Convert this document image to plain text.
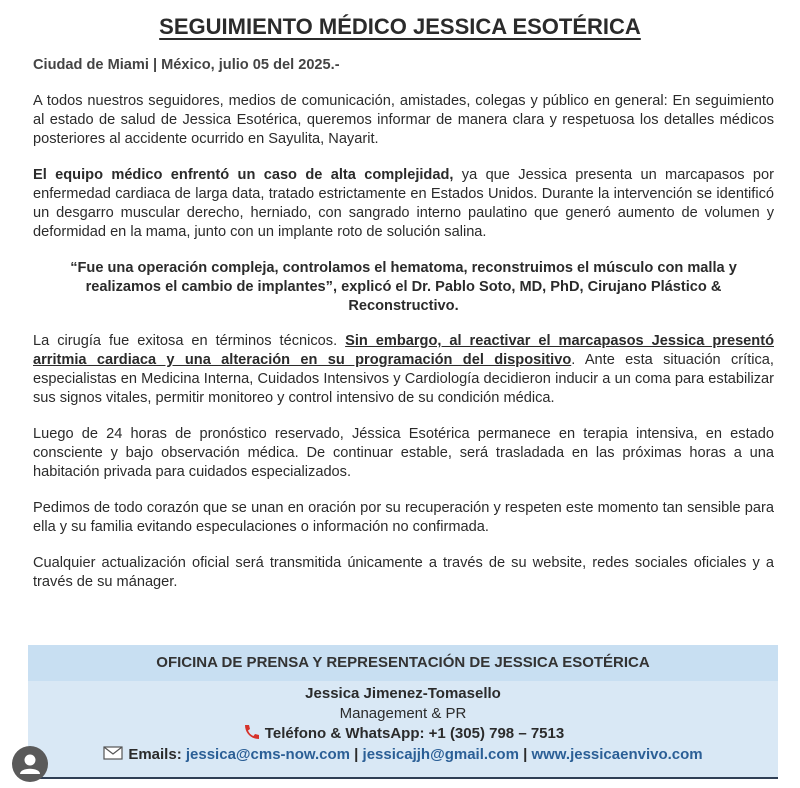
SEGUIMIENTO MÉDICO JESSICA ESOTÉRICA

Ciudad de Miami | México, julio 05 del 2025.-

A todos nuestros seguidores, medios de comunicación, amistades, colegas y público en general: En seguimiento al estado de salud de Jessica Esotérica, queremos informar de manera clara y respetuosa los detalles médicos posteriores al accidente ocurrido en Sayulita, Nayarit.

El equipo médico enfrentó un caso de alta complejidad, ya que Jessica presenta un marcapasos por enfermedad cardiaca de larga data, tratado estrictamente en Estados Unidos. Durante la intervención se identificó un desgarro muscular derecho, herniado, con sangrado interno paulatino que generó aumento de volumen y deformidad en la mama, junto con un implante roto de solución salina.

“Fue una operación compleja, controlamos el hematoma, reconstruimos el músculo con malla y realizamos el cambio de implantes”, explicó el Dr. Pablo Soto, MD, PhD, Cirujano Plástico & Reconstructivo.

La cirugía fue exitosa en términos técnicos. Sin embargo, al reactivar el marcapasos Jessica presentó arritmia cardiaca y una alteración en su programación del dispositivo. Ante esta situación crítica, especialistas en Medicina Interna, Cuidados Intensivos y Cardiología decidieron inducir a un coma para estabilizar sus signos vitales, permitir monitoreo y control intensivo de su condición médica.

Luego de 24 horas de pronóstico reservado, Jéssica Esotérica permanece en terapia intensiva, en estado consciente y bajo observación médica. De continuar estable, será trasladada en las próximas horas a una habitación privada para cuidados especializados.

Pedimos de todo corazón que se unan en oración por su recuperación y respeten este momento tan sensible para ella y su familia evitando especulaciones o información no confirmada.

Cualquier actualización oficial será transmitida únicamente a través de su website, redes sociales oficiales y a través de su mánager.

OFICINA DE PRENSA Y REPRESENTACIÓN DE JESSICA ESOTÉRICA
Jessica Jimenez-Tomasello
Management & PR
Teléfono & WhatsApp: +1 (305) 798 – 7513
Emails: jessica@cms-now.com | jessicajjh@gmail.com | www.jessicaenvivo.com
